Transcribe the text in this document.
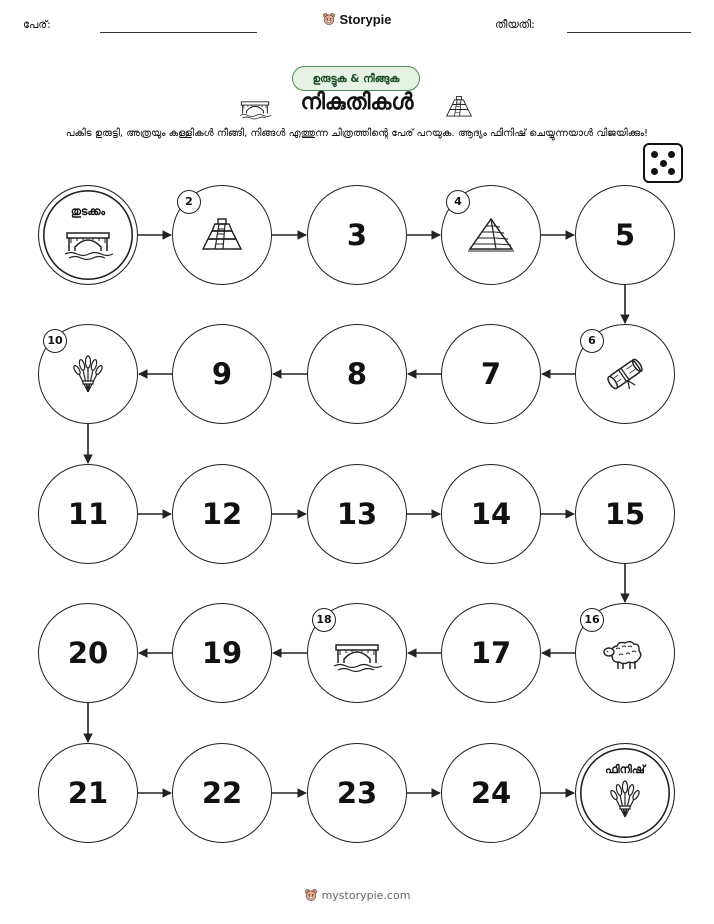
പേര്:	Storypie	തീയതി:
ഉരുട്ടുക & നീങ്ങുക
നികുതികൾ
പകിട ഉരുട്ടി, അത്രയും കള്ളികൾ നീങ്ങി, നിങ്ങൾ എത്തുന്ന ചിത്രത്തിന്റെ പേര് പറയുക. ആദ്യം ഫിനിഷ് ചെയ്യുന്നയാൾ വിജയിക്കും!
തുടക്കം
ഫിനിഷ്
2
3
4
5
6
7
8
9
10
11	12	13	14	15
16
17
18
19
20
21	22	23	24
mystorypie.com
